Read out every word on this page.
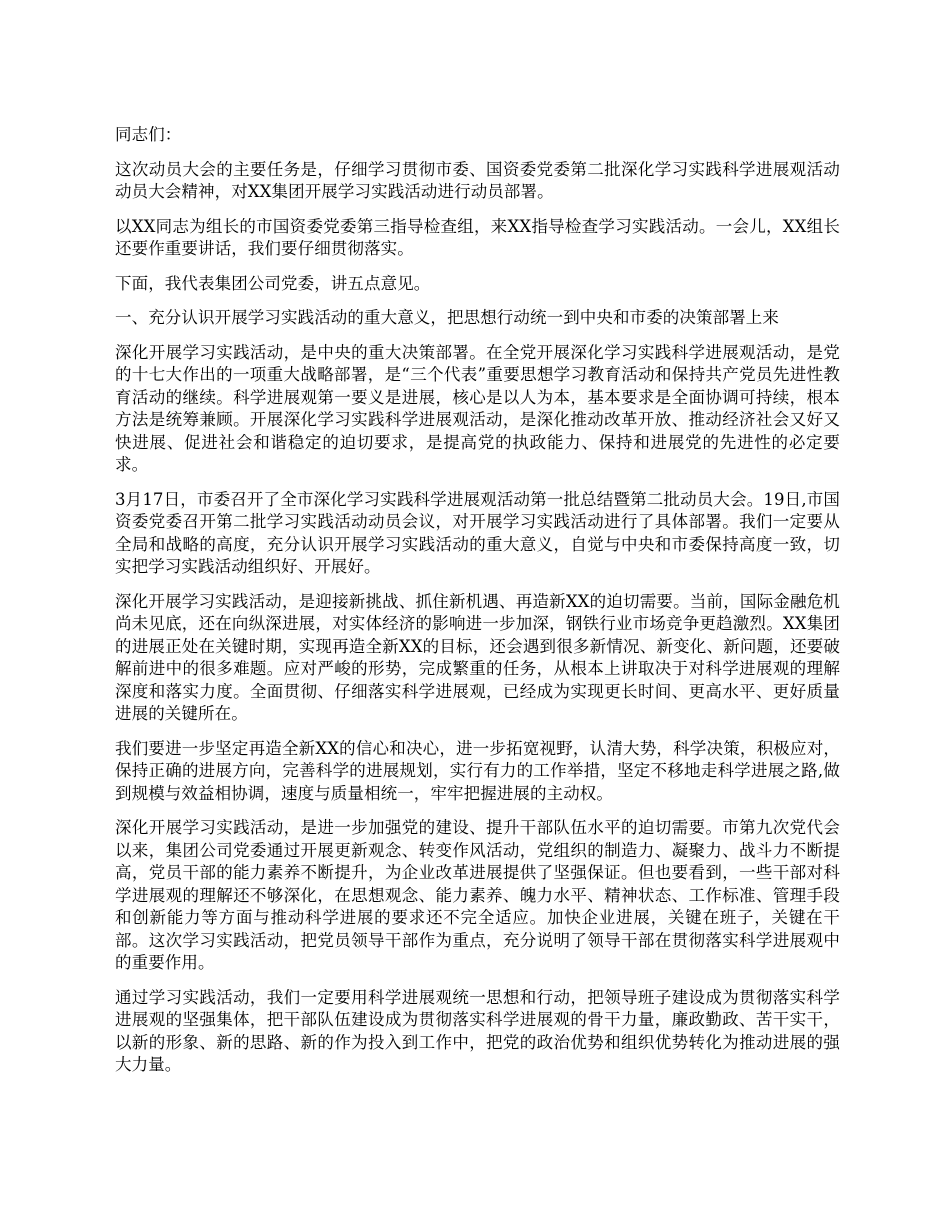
同志们：

这次动员大会的主要任务是，仔细学习贯彻市委、国资委党委第二批深化学习实践科学进展观活动动员大会精神，对XX集团开展学习实践活动进行动员部署。

以XX同志为组长的市国资委党委第三指导检查组，来XX指导检查学习实践活动。一会儿，XX组长还要作重要讲话，我们要仔细贯彻落实。

下面，我代表集团公司党委，讲五点意见。

一、充分认识开展学习实践活动的重大意义，把思想行动统一到中央和市委的决策部署上来

深化开展学习实践活动，是中央的重大决策部署。在全党开展深化学习实践科学进展观活动，是党的十七大作出的一项重大战略部署，是“三个代表”重要思想学习教育活动和保持共产党员先进性教育活动的继续。科学进展观第一要义是进展，核心是以人为本，基本要求是全面协调可持续，根本方法是统筹兼顾。开展深化学习实践科学进展观活动，是深化推动改革开放、推动经济社会又好又快进展、促进社会和谐稳定的迫切要求，是提高党的执政能力、保持和进展党的先进性的必定要求。

3月17日，市委召开了全市深化学习实践科学进展观活动第一批总结暨第二批动员大会。19日,市国资委党委召开第二批学习实践活动动员会议，对开展学习实践活动进行了具体部署。我们一定要从全局和战略的高度，充分认识开展学习实践活动的重大意义，自觉与中央和市委保持高度一致，切实把学习实践活动组织好、开展好。

深化开展学习实践活动，是迎接新挑战、抓住新机遇、再造新XX的迫切需要。当前，国际金融危机尚未见底，还在向纵深进展，对实体经济的影响进一步加深，钢铁行业市场竞争更趋激烈。XX集团的进展正处在关键时期，实现再造全新XX的目标，还会遇到很多新情况、新变化、新问题，还要破解前进中的很多难题。应对严峻的形势，完成繁重的任务，从根本上讲取决于对科学进展观的理解深度和落实力度。全面贯彻、仔细落实科学进展观，已经成为实现更长时间、更高水平、更好质量进展的关键所在。

我们要进一步坚定再造全新XX的信心和决心，进一步拓宽视野，认清大势，科学决策，积极应对，保持正确的进展方向，完善科学的进展规划，实行有力的工作举措，坚定不移地走科学进展之路,做到规模与效益相协调，速度与质量相统一，牢牢把握进展的主动权。

深化开展学习实践活动，是进一步加强党的建设、提升干部队伍水平的迫切需要。市第九次党代会以来，集团公司党委通过开展更新观念、转变作风活动，党组织的制造力、凝聚力、战斗力不断提高，党员干部的能力素养不断提升，为企业改革进展提供了坚强保证。但也要看到，一些干部对科学进展观的理解还不够深化，在思想观念、能力素养、魄力水平、精神状态、工作标准、管理手段和创新能力等方面与推动科学进展的要求还不完全适应。加快企业进展，关键在班子，关键在干部。这次学习实践活动，把党员领导干部作为重点，充分说明了领导干部在贯彻落实科学进展观中的重要作用。

通过学习实践活动，我们一定要用科学进展观统一思想和行动，把领导班子建设成为贯彻落实科学进展观的坚强集体，把干部队伍建设成为贯彻落实科学进展观的骨干力量，廉政勤政、苦干实干，以新的形象、新的思路、新的作为投入到工作中，把党的政治优势和组织优势转化为推动进展的强大力量。
